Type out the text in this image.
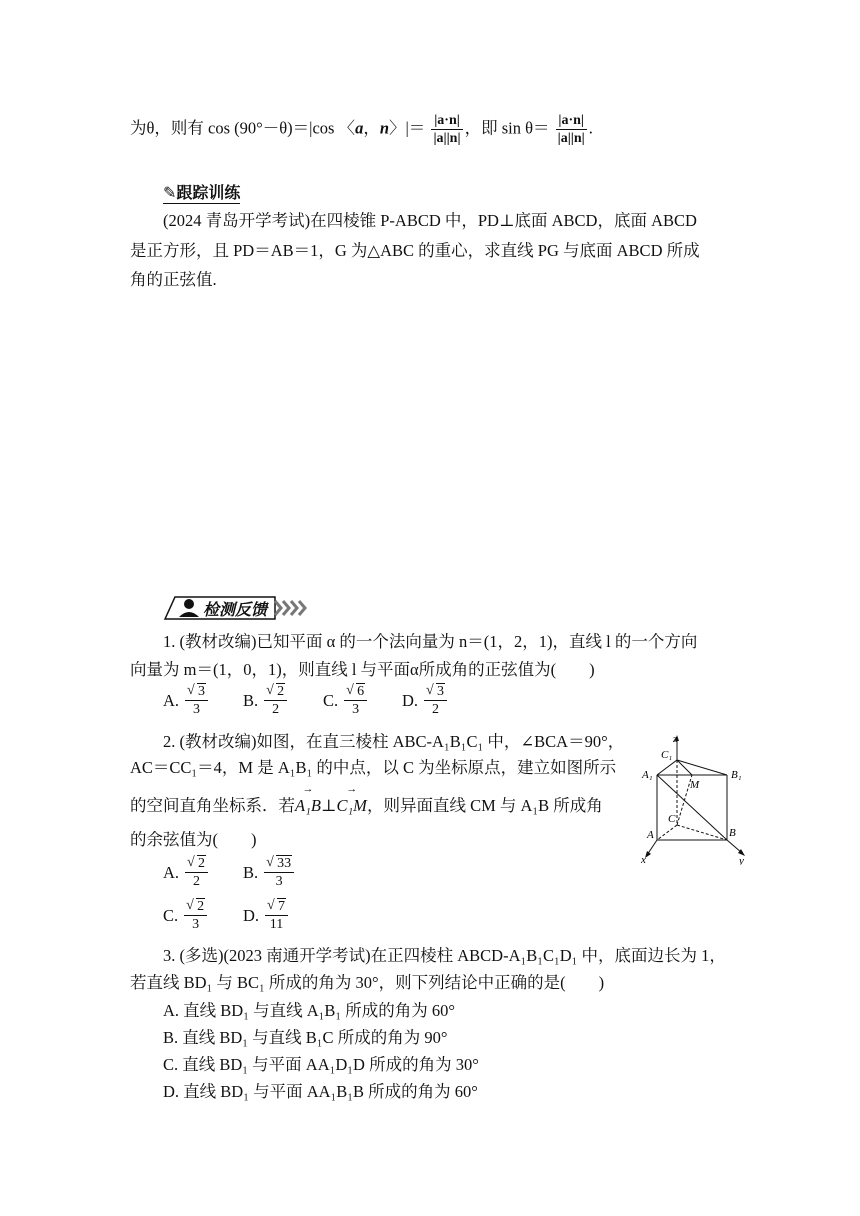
为θ，则有 cos (90°－θ)＝|cos 〈a，n〉|＝ $\frac{|a\cdot n|}{|a||n|}$ ，即 $\sin \theta= \frac{|a\cdot n|}{|a||n|}$ .
✎跟踪训练
(2024 青岛开学考试)在四棱锥 P-ABCD 中，PD⊥底面 ABCD，底面 ABCD
是正方形，且 PD＝AB＝1，G 为△ABC 的重心，求直线 PG 与底面 ABCD 所成
角的正弦值.
检测反馈
1. (教材改编)已知平面 α 的一个法向量为 n＝(1，2，1)，直线 l 的一个方向
向量为 m＝(1，0，1)，则直线 l 与平面α所成角的正弦值为(　　)
A. √ $\frac{3}{3} B$. √ $\frac{2}{2} C$. √ $\frac{6}{3} D$. √ $\frac{3}{2}$
2. (教材改编)如图，在直三棱柱 ABC-A₁B₁C₁ 中，∠BCA＝90°，
AC＝CC₁＝4，M 是 A₁B₁ 的中点，以 C 为坐标原点，建立如图所示
的空间直角坐标系．若
→
A₁B⊥
→
C₁M，则异面直线 CM 与 A₁B 所成角
的余弦值为(　　)
A. √ $\frac{2}{2} B$. √ $\frac{33}{3}$
C. √ $\frac{2}{3} D$. √ $\frac{7}{11}$
z
C₁
A₁	B₁
M
C
A	B
x	y
3. (多选)(2023 南通开学考试)在正四棱柱 ABCD-A₁B₁C₁D₁ 中，底面边长为 1，
若直线 BD₁ 与 BC₁ 所成的角为 30°，则下列结论中正确的是(　　)
A. 直线 BD₁ 与直线 A₁B₁ 所成的角为 60°
B. 直线 BD₁ 与直线 B₁C 所成的角为 90°
C. 直线 BD₁ 与平面 AA₁D₁D 所成的角为 30°
D. 直线 BD₁ 与平面 AA₁B₁B 所成的角为 60°
